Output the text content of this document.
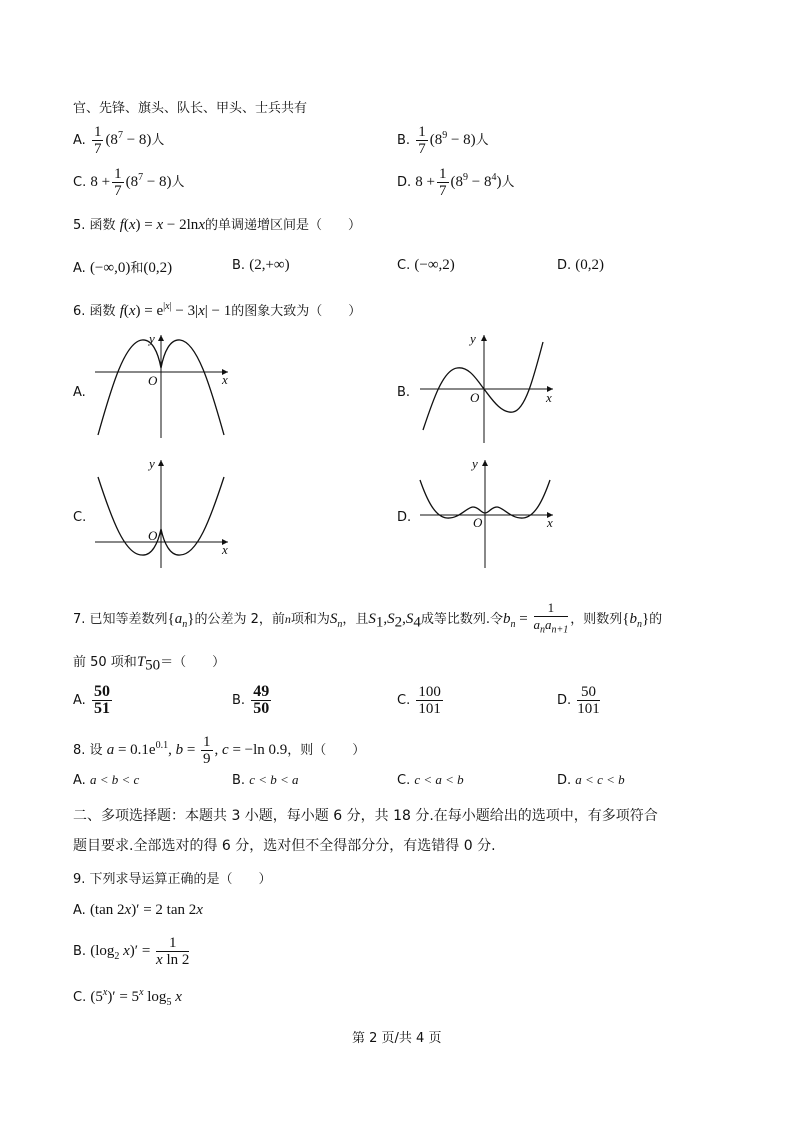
官、先锋、旗头、队长、甲头、士兵共有
A. $\frac{1}{7} (8^7 - 8)$人	B. $\frac{1}{7} (8^9 - 8)$人
C. $8 + \frac{1}{7} (8^7 - 8)$人	D. $8 + \frac{1}{7} (8^9 - 8^4)$人
5. 函数 f(x) = x − 2lnx的单调递增区间是（　　）
A. (−∞,0)和(0,2)	B. (2,+∞)	C. (−∞,2)	D. (0,2)
6. 函数 $f(x) = e^{|x|} - 3|x| - 1$的图象大致为（　　）
A.
y
x
O
B.
y
x
O
C.
y
x
O
D.
y
x
O
7. 已知等差数列$\{a_n\}$的公差为 2，前n项和为$S_n$，且$S_1,S_2,S_4$成等比数列.令$b_n = \frac{1}{a_na_{n+1}}$ ，则数列$\{b_n\}$的
前 50 项和$T_{50}=$（　　）
A. $\frac{50}{51}$	B. $\frac{49}{50}$	C. $\frac{100}{101}$	D. $\frac{50}{101}$
8. 设 $a = 0.1e^{0.1}$, $b = \frac{1}{9}$ , c = −ln 0.9，则（　　）
A. a < b < c	B. c < b < a	C. c < a < b	D. a < c < b
二、多项选择题：本题共 3 小题，每小题 6 分，共 18 分.在每小题给出的选项中，有多项符合
题目要求.全部选对的得 6 分，选对但不全得部分分，有选错得 0 分.
9. 下列求导运算正确的是（　　）
A. (tan 2x)′ = 2 tan 2x
B. ($\log_2$ $x)' = \frac{1}{\text{x ln 2}}$
C. $(5^x)' = 5^x$ $\log_5 x$
第 2 页/共 4 页
